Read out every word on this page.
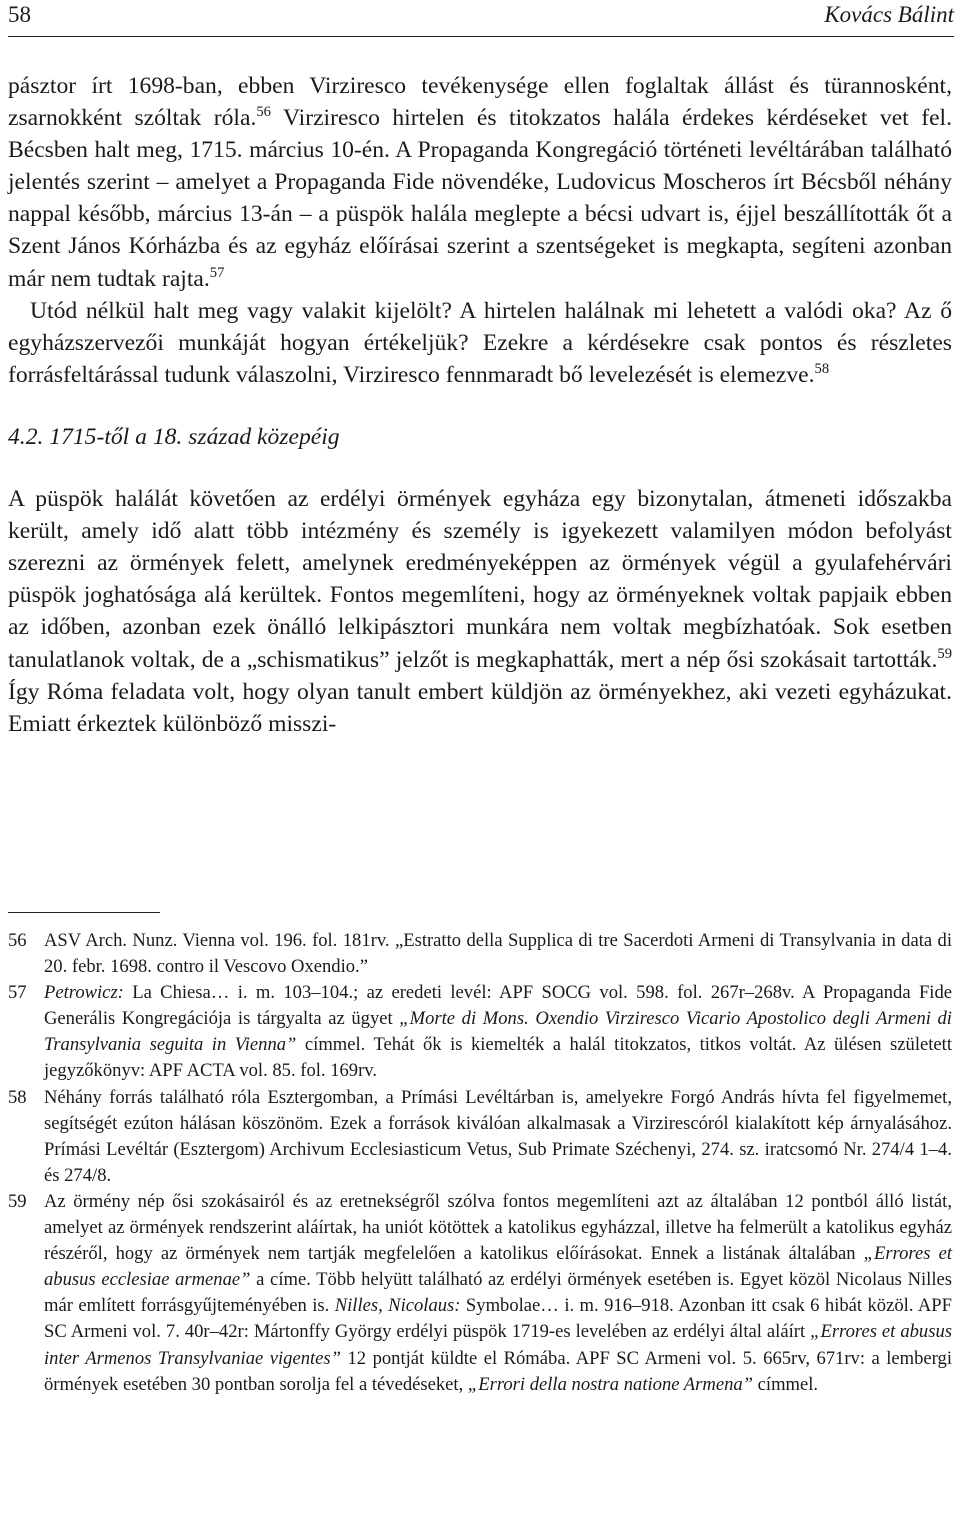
58	Kovács Bálint

pásztor írt 1698-ban, ebben Virziresco tevékenysége ellen foglaltak állást és türannosként, zsarnokként szóltak róla.$^{56}$ Virziresco hirtelen és titokzatos halála érdekes kérdéseket vet fel. Bécsben halt meg, 1715. március 10-én. A Propaganda Kongregáció történeti levéltárában található jelentés szerint – amelyet a Propaganda Fide növendéke, Ludovicus Moscheros írt Bécsből néhány nappal később, március 13-án – a püspök halála meglepte a bécsi udvart is, éjjel beszállították őt a Szent János Kórházba és az egyház előírásai szerint a szentségeket is megkapta, segíteni azonban már nem tudtak rajta.$^{57}$

Utód nélkül halt meg vagy valakit kijelölt? A hirtelen halálnak mi lehetett a valódi oka? Az ő egyházszervezői munkáját hogyan értékeljük? Ezekre a kérdésekre csak pontos és részletes forrásfeltárással tudunk válaszolni, Virziresco fennmaradt bő levelezését is elemezve.$^{58}$

4.2. 1715-től a 18. század közepéig

A püspök halálát követően az erdélyi örmények egyháza egy bizonytalan, átmeneti időszakba került, amely idő alatt több intézmény és személy is igyekezett valamilyen módon befolyást szerezni az örmények felett, amelynek eredményeképpen az örmények végül a gyulafehérvári püspök joghatósága alá kerültek. Fontos megemlíteni, hogy az örményeknek voltak papjaik ebben az időben, azonban ezek önálló lelkipásztori munkára nem voltak megbízhatóak. Sok esetben tanulatlanok voltak, de a „schismatikus” jelzőt is megkaphatták, mert a nép ősi szokásait tartották.$^{59}$ Így Róma feladata volt, hogy olyan tanult embert küldjön az örményekhez, aki vezeti egyházukat. Emiatt érkeztek különböző misszi-

56 ASV Arch. Nunz. Vienna vol. 196. fol. 181rv. „Estratto della Supplica di tre Sacerdoti Armeni di Transylvania in data di 20. febr. 1698. contro il Vescovo Oxendio.”

57 Petrowicz: La Chiesa… i. m. 103–104.; az eredeti levél: APF SOCG vol. 598. fol. 267r–268v. A Propaganda Fide Generális Kongregációja is tárgyalta az ügyet „Morte di Mons. Oxendio Virziresco Vicario Apostolico degli Armeni di Transylvania seguita in Vienna” címmel. Tehát ők is kiemelték a halál titokzatos, titkos voltát. Az ülésen született jegyzőkönyv: APF ACTA vol. 85. fol. 169rv.

58 Néhány forrás található róla Esztergomban, a Prímási Levéltárban is, amelyekre Forgó András hívta fel figyelmemet, segítségét ezúton hálásan köszönöm. Ezek a források kiválóan alkalmasak a Virzirescóról kialakított kép árnyalásához. Prímási Levéltár (Esztergom) Archivum Ecclesiasticum Vetus, Sub Primate Széchenyi, 274. sz. iratcsomó Nr. 274/4 1–4. és 274/8.

59 Az örmény nép ősi szokásairól és az eretnekségről szólva fontos megemlíteni azt az általában 12 pontból álló listát, amelyet az örmények rendszerint aláírtak, ha uniót kötöttek a katolikus egyházzal, illetve ha felmerült a katolikus egyház részéről, hogy az örmények nem tartják megfelelően a katolikus előírásokat. Ennek a listának általában „Errores et abusus ecclesiae armenae” a címe. Több helyütt található az erdélyi örmények esetében is. Egyet közöl Nicolaus Nilles már említett forrásgyűjteményében is. Nilles, Nicolaus: Symbolae… i. m. 916–918. Azonban itt csak 6 hibát közöl. APF SC Armeni vol. 7. 40r–42r: Mártonffy György erdélyi püspök 1719-es levelében az erdélyi által aláírt „Errores et abusus inter Armenos Transylvaniae vigentes” 12 pontját küldte el Rómába. APF SC Armeni vol. 5. 665rv, 671rv: a lembergi örmények esetében 30 pontban sorolja fel a tévedéseket, „Errori della nostra natione Armena” címmel.
